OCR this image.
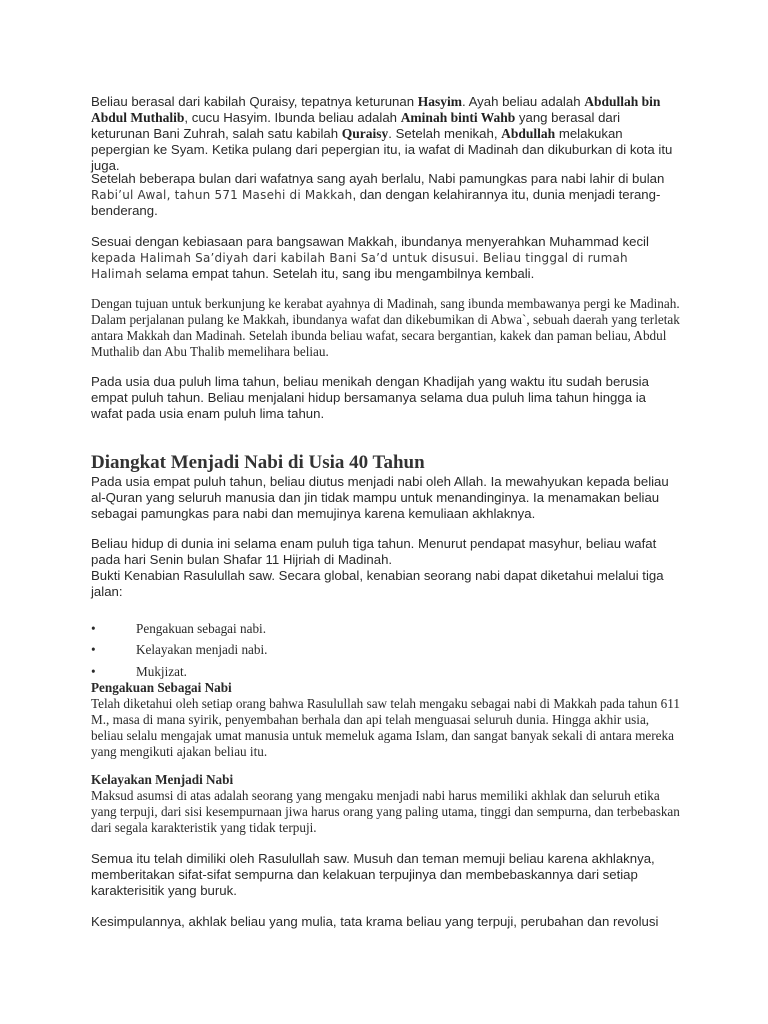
Beliau berasal dari kabilah Quraisy, tepatnya keturunan Hasyim. Ayah beliau adalah Abdullah bin Abdul Muthalib, cucu Hasyim. Ibunda beliau adalah Aminah binti Wahb yang berasal dari keturunan Bani Zuhrah, salah satu kabilah Quraisy. Setelah menikah, Abdullah melakukan pepergian ke Syam. Ketika pulang dari pepergian itu, ia wafat di Madinah dan dikuburkan di kota itu juga.

Setelah beberapa bulan dari wafatnya sang ayah berlalu, Nabi pamungkas para nabi lahir di bulan Rabi’ul Awal, tahun 571 Masehi di Makkah, dan dengan kelahirannya itu, dunia menjadi terang-benderang.

Sesuai dengan kebiasaan para bangsawan Makkah, ibundanya menyerahkan Muhammad kecil kepada Halimah Sa’diyah dari kabilah Bani Sa’d untuk disusui. Beliau tinggal di rumah Halimah selama empat tahun. Setelah itu, sang ibu mengambilnya kembali.

Dengan tujuan untuk berkunjung ke kerabat ayahnya di Madinah, sang ibunda membawanya pergi ke Madinah. Dalam perjalanan pulang ke Makkah, ibundanya wafat dan dikebumikan di Abwa`, sebuah daerah yang terletak antara Makkah dan Madinah. Setelah ibunda beliau wafat, secara bergantian, kakek dan paman beliau, Abdul Muthalib dan Abu Thalib memelihara beliau.

Pada usia dua puluh lima tahun, beliau menikah dengan Khadijah yang waktu itu sudah berusia empat puluh tahun. Beliau menjalani hidup bersamanya selama dua puluh lima tahun hingga ia wafat pada usia enam puluh lima tahun.

Diangkat Menjadi Nabi di Usia 40 Tahun

Pada usia empat puluh tahun, beliau diutus menjadi nabi oleh Allah. Ia mewahyukan kepada beliau al-Quran yang seluruh manusia dan jin tidak mampu untuk menandinginya. Ia menamakan beliau sebagai pamungkas para nabi dan memujinya karena kemuliaan akhlaknya.

Beliau hidup di dunia ini selama enam puluh tiga tahun. Menurut pendapat masyhur, beliau wafat pada hari Senin bulan Shafar 11 Hijriah di Madinah.

Bukti Kenabian Rasulullah saw. Secara global, kenabian seorang nabi dapat diketahui melalui tiga jalan:

•	Pengakuan sebagai nabi.
•	Kelayakan menjadi nabi.
•	Mukjizat.
Pengakuan Sebagai Nabi
Telah diketahui oleh setiap orang bahwa Rasulullah saw telah mengaku sebagai nabi di Makkah pada tahun 611 M., masa di mana syirik, penyembahan berhala dan api telah menguasai seluruh dunia. Hingga akhir usia, beliau selalu mengajak umat manusia untuk memeluk agama Islam, dan sangat banyak sekali di antara mereka yang mengikuti ajakan beliau itu.
Kelayakan Menjadi Nabi
Maksud asumsi di atas adalah seorang yang mengaku menjadi nabi harus memiliki akhlak dan seluruh etika yang terpuji, dari sisi kesempurnaan jiwa harus orang yang paling utama, tinggi dan sempurna, dan terbebaskan dari segala karakteristik yang tidak terpuji.

Semua itu telah dimiliki oleh Rasulullah saw. Musuh dan teman memuji beliau karena akhlaknya, memberitakan sifat-sifat sempurna dan kelakuan terpujinya dan membebaskannya dari setiap karakterisitik yang buruk.

Kesimpulannya, akhlak beliau yang mulia, tata krama beliau yang terpuji, perubahan dan revolusi
